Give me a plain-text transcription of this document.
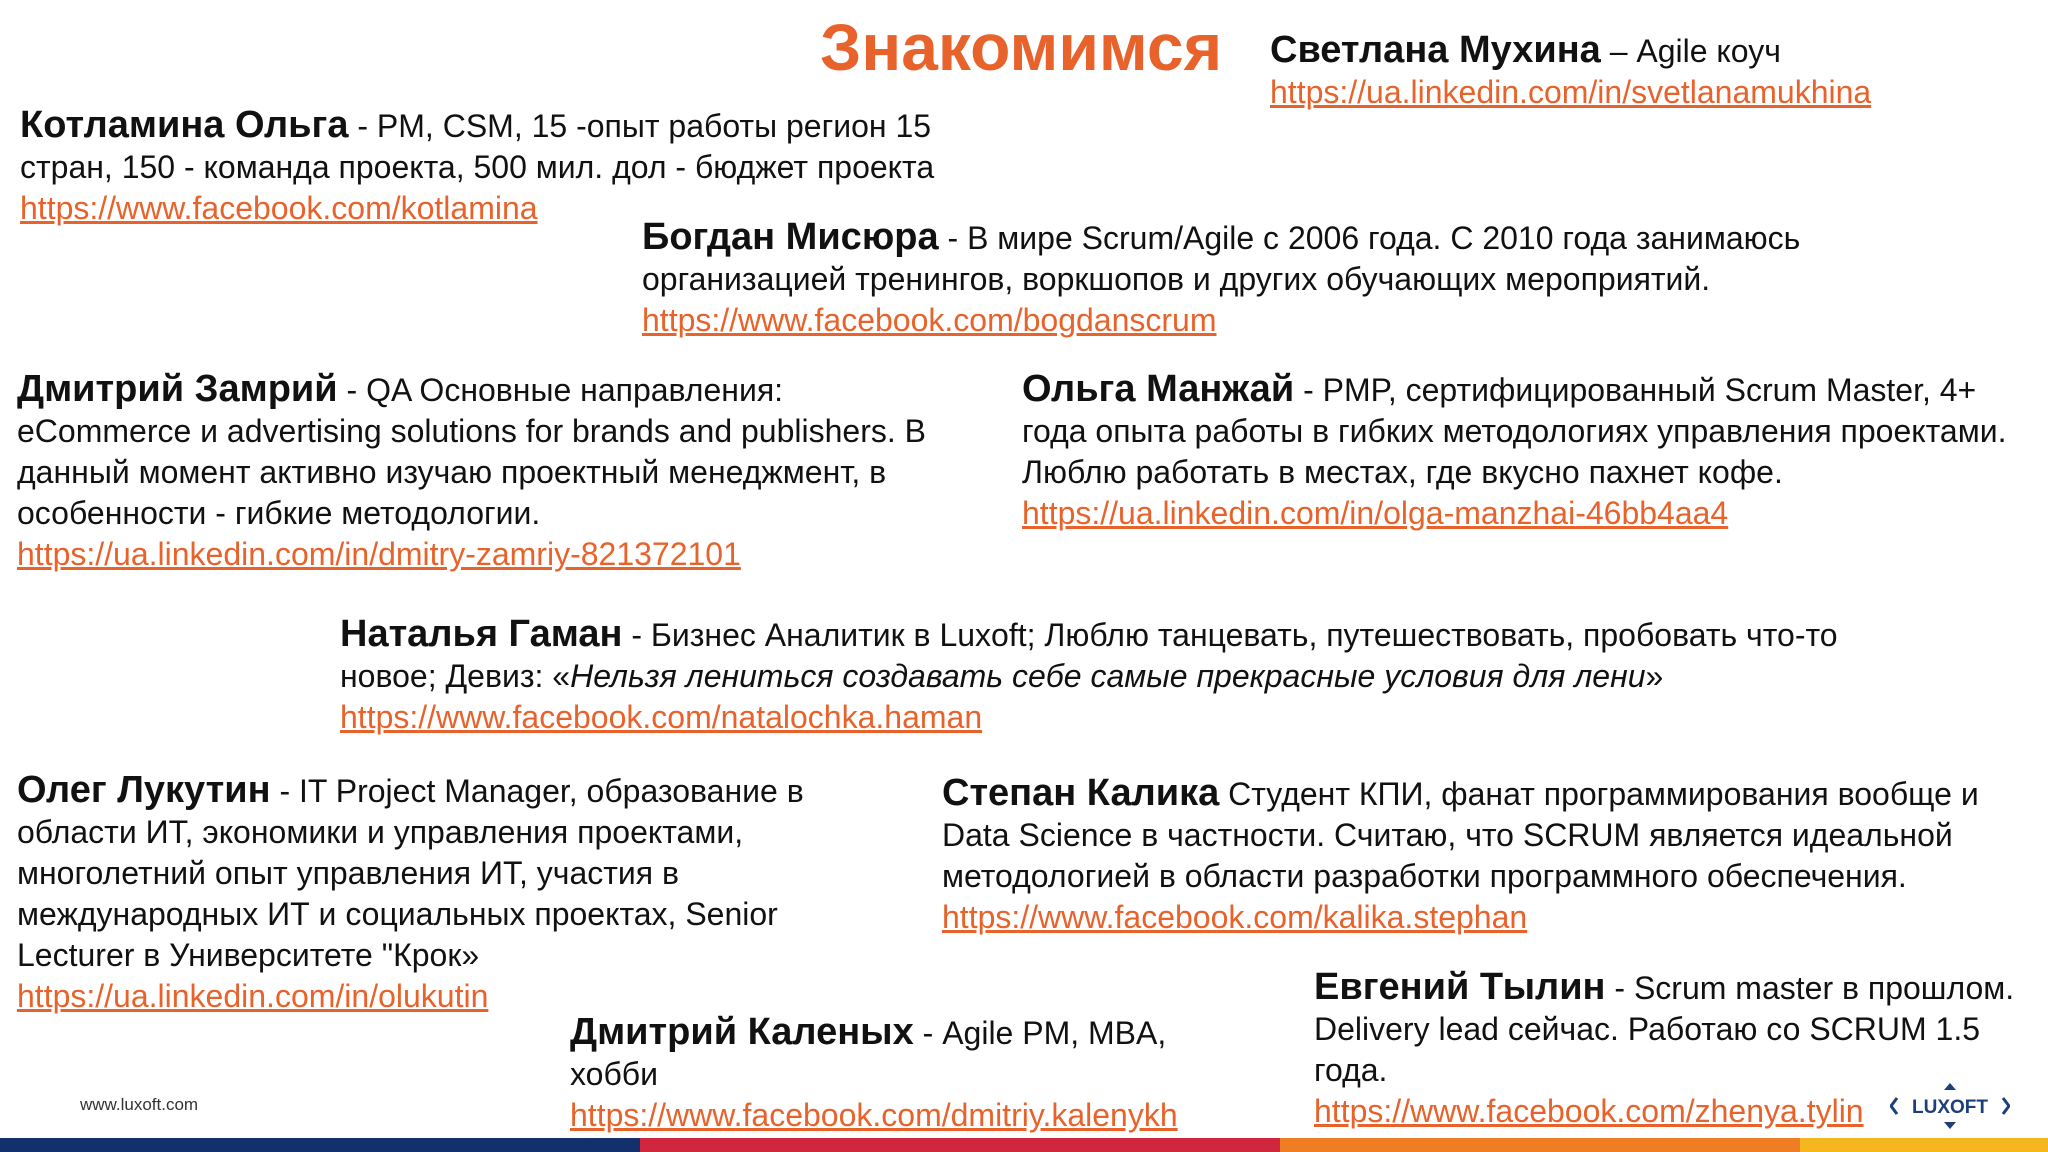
Знакомимся Светлана Мухина – Agile коуч
https://ua.linkedin.com/in/svetlanamukhina
Котламина Ольга - PM, CSM, 15 -опыт работы регион 15 стран, 150 - команда проекта, 500 мил. дол - бюджет проекта
https://www.facebook.com/kotlamina
Богдан Мисюра - В мире Scrum/Agile с 2006 года. С 2010 года занимаюсь организацией тренингов, воркшопов и других обучающих мероприятий.
https://www.facebook.com/bogdanscrum
Дмитрий Замрий - QA Основные направления: eCommerce и advertising solutions for brands and publishers. В данный момент активно изучаю проектный менеджмент, в особенности - гибкие методологии.
https://ua.linkedin.com/in/dmitry-zamriy-821372101
Ольга Манжай - PMP, сертифицированный Scrum Master, 4+ года опыта работы в гибких методологиях управления проектами. Люблю работать в местах, где вкусно пахнет кофе.
https://ua.linkedin.com/in/olga-manzhai-46bb4aa4
Наталья Гаман - Бизнес Аналитик в Luxoft; Люблю танцевать, путешествовать, пробовать что-то новое; Девиз: «Нельзя лениться создавать себе самые прекрасные условия для лени»
https://www.facebook.com/natalochka.haman
Олег Лукутин - IT Project Manager, образование в области ИТ, экономики и управления проектами, многолетний опыт управления ИТ, участия в международных ИТ и социальных проектах, Senior Lecturer в Университете "Крок»
https://ua.linkedin.com/in/olukutin
Степан Калика Студент КПИ, фанат программирования вообще и Data Science в частности. Считаю, что SCRUM является идеальной методологией в области разработки программного обеспечения.
https://www.facebook.com/kalika.stephan
Евгений Тылин - Scrum master в прошлом. Delivery lead сейчас. Работаю со SCRUM 1.5 года.
https://www.facebook.com/zhenya.tylin
Дмитрий Каленых - Agile PM, MBA, хобби
https://www.facebook.com/dmitriy.kalenykh
www.luxoft.com	LUXOFT
